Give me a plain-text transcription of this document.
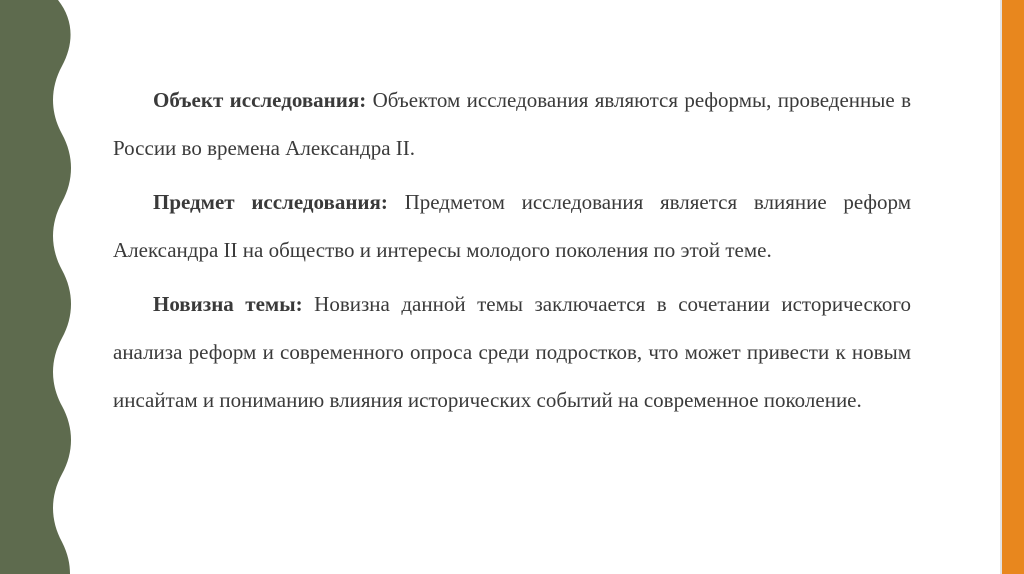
Объект исследования: Объектом исследования являются реформы, проведенные в России во времена Александра II.

Предмет исследования: Предметом исследования является влияние реформ Александра II на общество и интересы молодого поколения по этой теме.

Новизна темы: Новизна данной темы заключается в сочетании исторического анализа реформ и современного опроса среди подростков, что может привести к новым инсайтам и пониманию влияния исторических событий на современное поколение.
